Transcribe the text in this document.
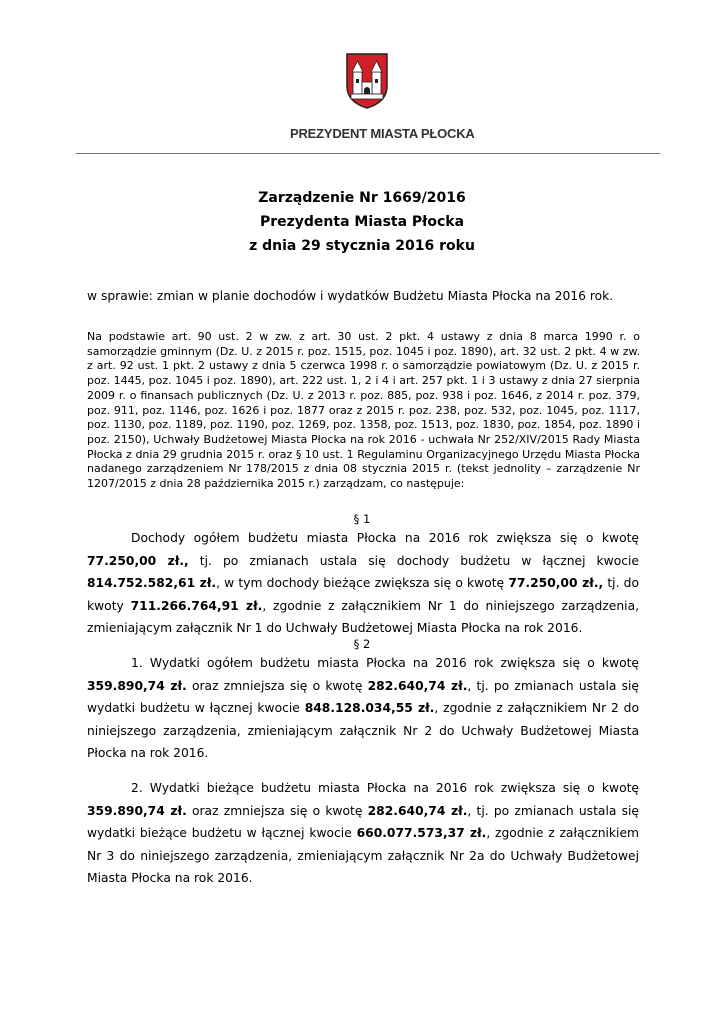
PREZYDENT MIASTA PŁOCKA
Zarządzenie Nr 1669/2016
Prezydenta Miasta Płocka
z dnia 29 stycznia 2016 roku
w sprawie: zmian w planie dochodów i wydatków Budżetu Miasta Płocka na 2016 rok.

Na podstawie art. 90 ust. 2 w zw. z art. 30 ust. 2 pkt. 4 ustawy z dnia 8 marca 1990 r. o samorządzie gminnym (Dz. U. z 2015 r. poz. 1515, poz. 1045 i poz. 1890), art. 32 ust. 2 pkt. 4 w zw. z art. 92 ust. 1 pkt. 2 ustawy z dnia 5 czerwca 1998 r. o samorządzie powiatowym (Dz. U. z 2015 r. poz. 1445, poz. 1045 i poz. 1890), art. 222 ust. 1, 2 i 4 i art. 257 pkt. 1 i 3 ustawy z dnia 27 sierpnia 2009 r. o finansach publicznych (Dz. U. z 2013 r. poz. 885, poz. 938 i poz. 1646, z 2014 r. poz. 379, poz. 911, poz. 1146, poz. 1626 i poz. 1877 oraz z 2015 r. poz. 238, poz. 532, poz. 1045, poz. 1117, poz. 1130, poz. 1189, poz. 1190, poz. 1269, poz. 1358, poz. 1513, poz. 1830, poz. 1854, poz. 1890 i poz. 2150), Uchwały Budżetowej Miasta Płocka na rok 2016 - uchwała Nr 252/XIV/2015 Rady Miasta Płocka z dnia 29 grudnia 2015 r. oraz § 10 ust. 1 Regulaminu Organizacyjnego Urzędu Miasta Płocka nadanego zarządzeniem Nr 178/2015 z dnia 08 stycznia 2015 r. (tekst jednolity – zarządzenie Nr 1207/2015 z dnia 28 października 2015 r.) zarządzam, co następuje:

§ 1

Dochody ogółem budżetu miasta Płocka na 2016 rok zwiększa się o kwotę 77.250,00 zł., tj. po zmianach ustala się dochody budżetu w łącznej kwocie 814.752.582,61 zł., w tym dochody bieżące zwiększa się o kwotę 77.250,00 zł., tj. do kwoty 711.266.764,91 zł., zgodnie z załącznikiem Nr 1 do niniejszego zarządzenia, zmieniającym załącznik Nr 1 do Uchwały Budżetowej Miasta Płocka na rok 2016.

§ 2

1. Wydatki ogółem budżetu miasta Płocka na 2016 rok zwiększa się o kwotę 359.890,74 zł. oraz zmniejsza się o kwotę 282.640,74 zł., tj. po zmianach ustala się wydatki budżetu w łącznej kwocie 848.128.034,55 zł., zgodnie z załącznikiem Nr 2 do niniejszego zarządzenia, zmieniającym załącznik Nr 2 do Uchwały Budżetowej Miasta Płocka na rok 2016.

2. Wydatki bieżące budżetu miasta Płocka na 2016 rok zwiększa się o kwotę 359.890,74 zł. oraz zmniejsza się o kwotę 282.640,74 zł., tj. po zmianach ustala się wydatki bieżące budżetu w łącznej kwocie 660.077.573,37 zł., zgodnie z załącznikiem Nr 3 do niniejszego zarządzenia, zmieniającym załącznik Nr 2a do Uchwały Budżetowej Miasta Płocka na rok 2016.
